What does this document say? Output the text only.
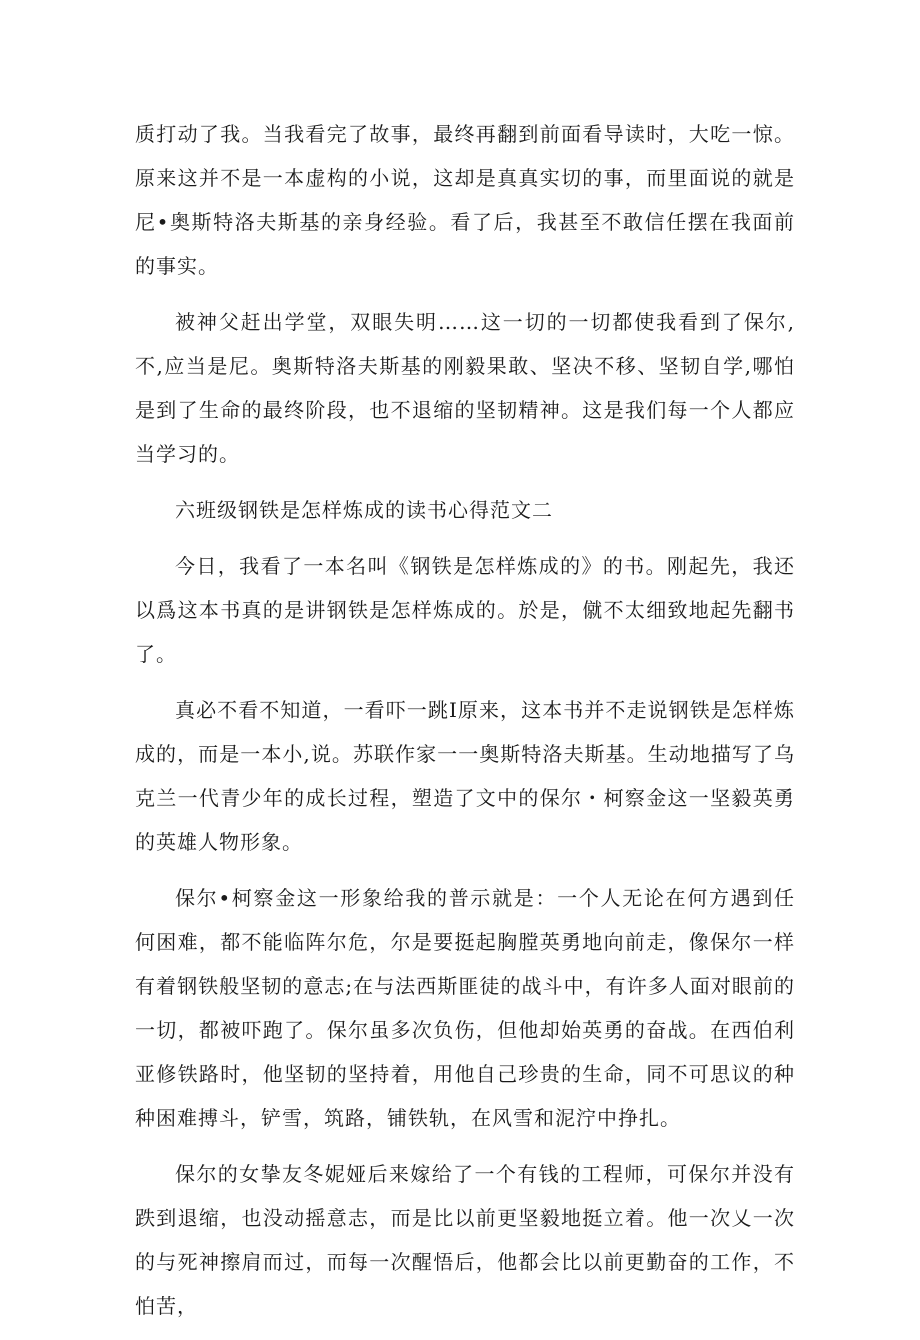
质打动了我。当我看完了故事，最终再翻到前面看导读时，大吃一惊。原来这并不是一本虚构的小说，这却是真真实切的事，而里面说的就是尼•奥斯特洛夫斯基的亲身经验。看了后，我甚至不敢信任摆在我面前的事实。

被神父赶出学堂，双眼失明……这一切的一切都使我看到了保尔,不,应当是尼。奥斯特洛夫斯基的刚毅果敢、坚决不移、坚韧自学,哪怕是到了生命的最终阶段，也不退缩的坚韧精神。这是我们每一个人都应当学习的。

六班级钢铁是怎样炼成的读书心得范文二

今日，我看了一本名叫《钢铁是怎样炼成的》的书。刚起先，我还以爲这本书真的是讲钢铁是怎样炼成的。於是，僦不太细致地起先翻书了。

真必不看不知道，一看吓一跳I原来，这本书并不走说钢铁是怎样炼成的，而是一本小,说。苏联作家一一奥斯特洛夫斯基。生动地描写了乌克兰一代青少年的成长过程，塑造了文中的保尔・柯察金这一坚毅英勇的英雄人物形象。

保尔•柯察金这一形象给我的普示就是：一个人无论在何方遇到任何困难，都不能临阵尔危，尔是要挺起胸膛英勇地向前走，像保尔一样有着钢铁般坚韧的意志;在与法西斯匪徒的战斗中，有许多人面对眼前的一切，都被吓跑了。保尔虽多次负伤，但他却始英勇的奋战。在西伯利亚修铁路时，他坚韧的坚持着，用他自己珍贵的生命，同不可思议的种种困难搏斗，铲雪，筑路，铺铁轨，在风雪和泥泞中挣扎。

保尔的女挚友冬妮娅后来嫁给了一个有钱的工程师，可保尔并没有跌到退缩，也没动摇意志，而是比以前更坚毅地挺立着。他一次乂一次的与死神擦肩而过，而每一次醒悟后，他都会比以前更勤奋的工作，不怕苦，
